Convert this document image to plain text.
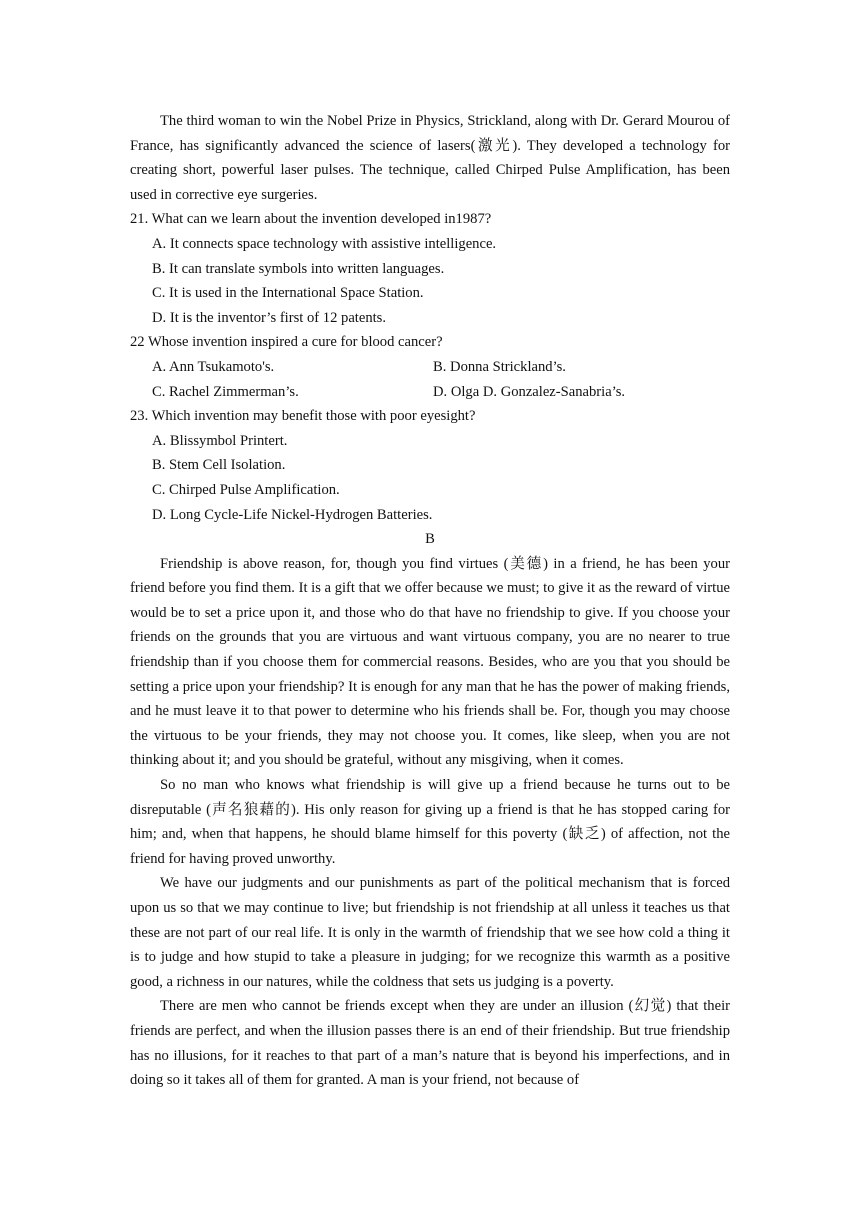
The third woman to win the Nobel Prize in Physics, Strickland, along with Dr. Gerard Mourou of France, has significantly advanced the science of lasers(激光). They developed a technology for creating short, powerful laser pulses. The technique, called Chirped Pulse Amplification, has been used in corrective eye surgeries.

21. What can we learn about the invention developed in1987?

A. It connects space technology with assistive intelligence.

B. It can translate symbols into written languages.

C. It is used in the International Space Station.

D. It is the inventor’s first of 12 patents.

22 Whose invention inspired a cure for blood cancer?

A. Ann Tsukamoto's.	B. Donna Strickland’s.
C. Rachel Zimmerman’s.	D. Olga D. Gonzalez-Sanabria’s.

23. Which invention may benefit those with poor eyesight?

A. Blissymbol Printert.

B. Stem Cell Isolation.

C. Chirped Pulse Amplification.

D. Long Cycle-Life Nickel-Hydrogen Batteries.

B

Friendship is above reason, for, though you find virtues (美德) in a friend, he has been your friend before you find them. It is a gift that we offer because we must; to give it as the reward of virtue would be to set a price upon it, and those who do that have no friendship to give. If you choose your friends on the grounds that you are virtuous and want virtuous company, you are no nearer to true friendship than if you choose them for commercial reasons. Besides, who are you that you should be setting a price upon your friendship? It is enough for any man that he has the power of making friends, and he must leave it to that power to determine who his friends shall be. For, though you may choose the virtuous to be your friends, they may not choose you. It comes, like sleep, when you are not thinking about it; and you should be grateful, without any misgiving, when it comes.

So no man who knows what friendship is will give up a friend because he turns out to be disreputable (声名狼藉的). His only reason for giving up a friend is that he has stopped caring for him; and, when that happens, he should blame himself for this poverty (缺乏) of affection, not the friend for having proved unworthy.

We have our judgments and our punishments as part of the political mechanism that is forced upon us so that we may continue to live; but friendship is not friendship at all unless it teaches us that these are not part of our real life. It is only in the warmth of friendship that we see how cold a thing it is to judge and how stupid to take a pleasure in judging; for we recognize this warmth as a positive good, a richness in our natures, while the coldness that sets us judging is a poverty.

There are men who cannot be friends except when they are under an illusion (幻觉) that their friends are perfect, and when the illusion passes there is an end of their friendship. But true friendship has no illusions, for it reaches to that part of a man’s nature that is beyond his imperfections, and in doing so it takes all of them for granted. A man is your friend, not because of
